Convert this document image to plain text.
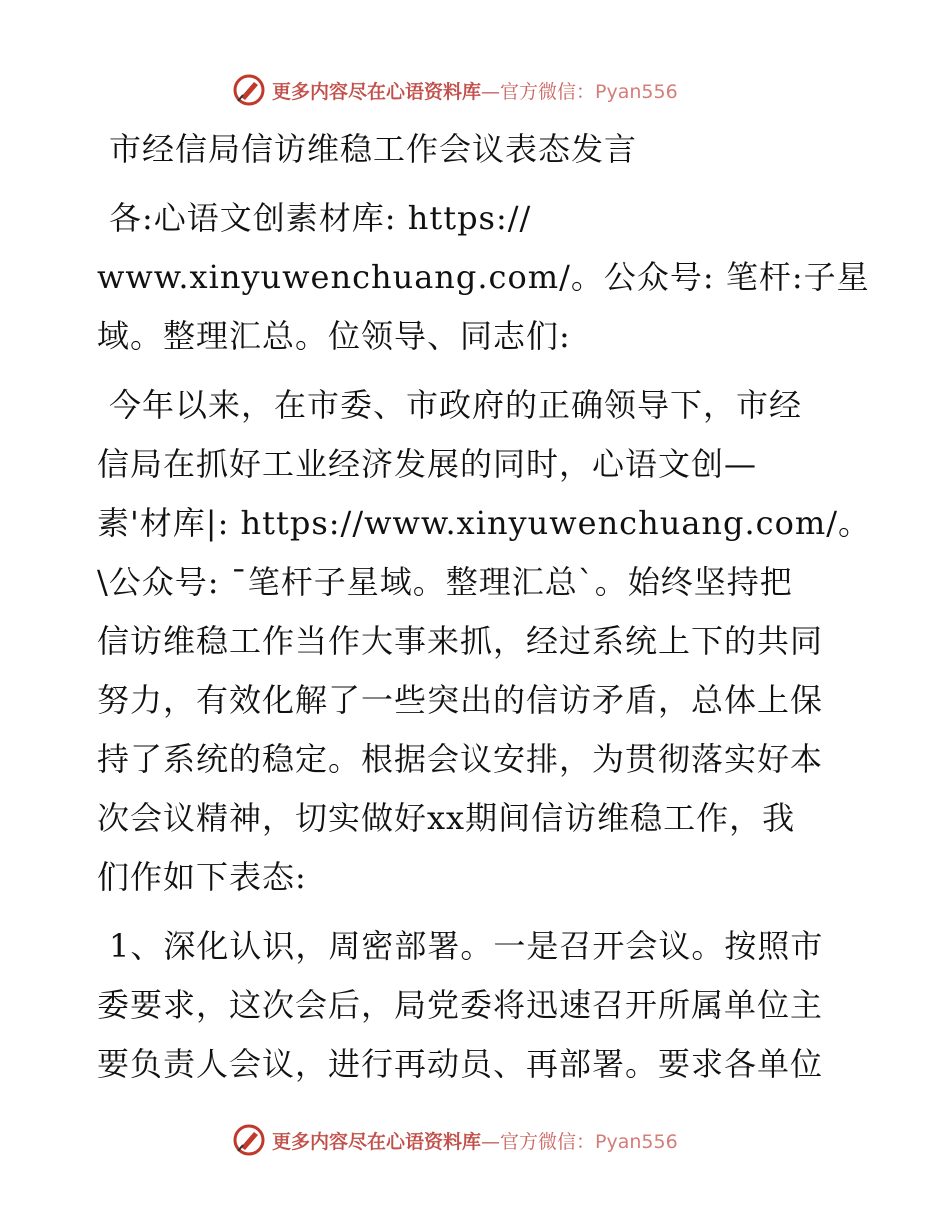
更多内容尽在心语资料库—官方微信：Pyan556

市经信局信访维稳工作会议表态发言

各:心语文创素材库: https://
www.xinyuwenchuang.com/。公众号: 笔杆:子星
域。整理汇总。位领导、同志们:

今年以来，在市委、市政府的正确领导下，市经
信局在抓好工业经济发展的同时，心语文创—
素'材库|: https://www.xinyuwenchuang.com/。
\公众号: ¯笔杆子星域。整理汇总`。始终坚持把
信访维稳工作当作大事来抓，经过系统上下的共同
努力，有效化解了一些突出的信访矛盾，总体上保
持了系统的稳定。根据会议安排，为贯彻落实好本
次会议精神，切实做好xx期间信访维稳工作，我
们作如下表态:

1、深化认识，周密部署。一是召开会议。按照市
委要求，这次会后，局党委将迅速召开所属单位主
要负责人会议，进行再动员、再部署。要求各单位

更多内容尽在心语资料库—官方微信：Pyan556
